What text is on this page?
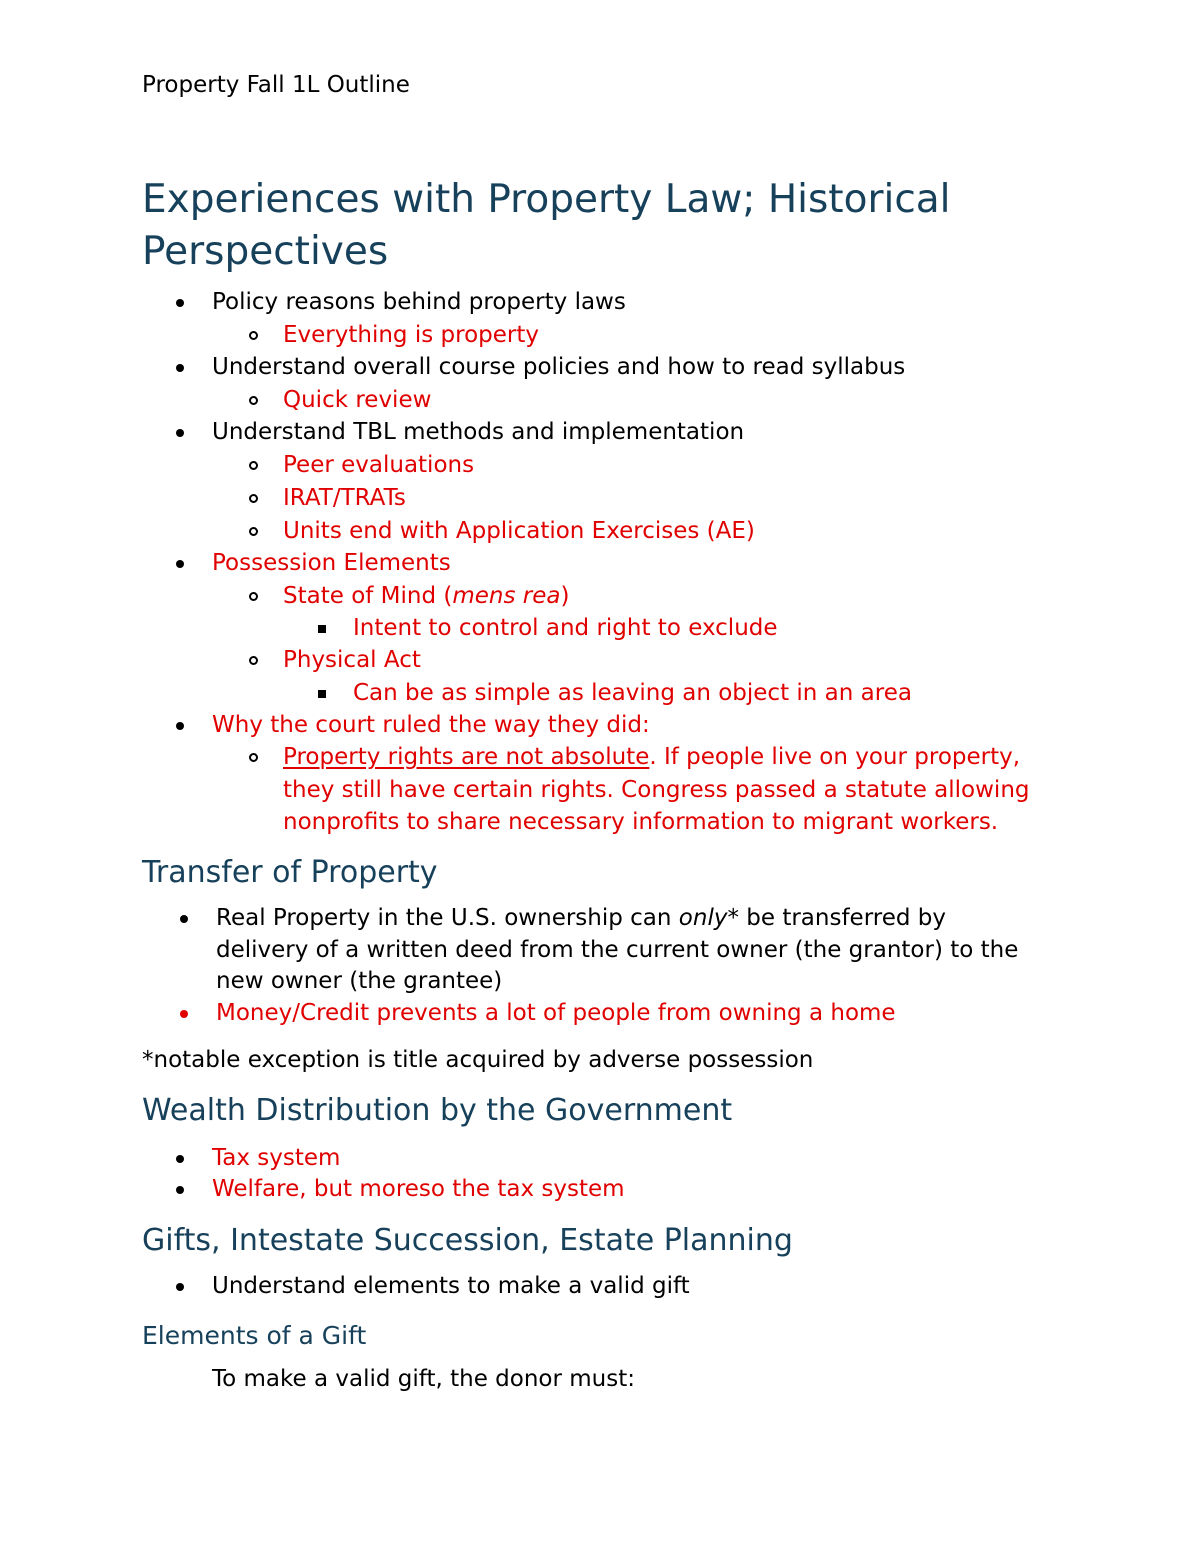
Property Fall 1L Outline
Experiences with Property Law; Historical
Perspectives
Policy reasons behind property laws
Everything is property
Understand overall course policies and how to read syllabus
Quick review
Understand TBL methods and implementation
Peer evaluations
IRAT/TRATs
Units end with Application Exercises (AE)
Possession Elements
State of Mind (mens rea)
Intent to control and right to exclude
Physical Act
Can be as simple as leaving an object in an area
Why the court ruled the way they did:
Property rights are not absolute. If people live on your property,
they still have certain rights. Congress passed a statute allowing
nonprofits to share necessary information to migrant workers.
Transfer of Property
Real Property in the U.S. ownership can only* be transferred by
delivery of a written deed from the current owner (the grantor) to the
new owner (the grantee)
Money/Credit prevents a lot of people from owning a home
*notable exception is title acquired by adverse possession
Wealth Distribution by the Government
Tax system
Welfare, but moreso the tax system
Gifts, Intestate Succession, Estate Planning
Understand elements to make a valid gift
Elements of a Gift
To make a valid gift, the donor must:
